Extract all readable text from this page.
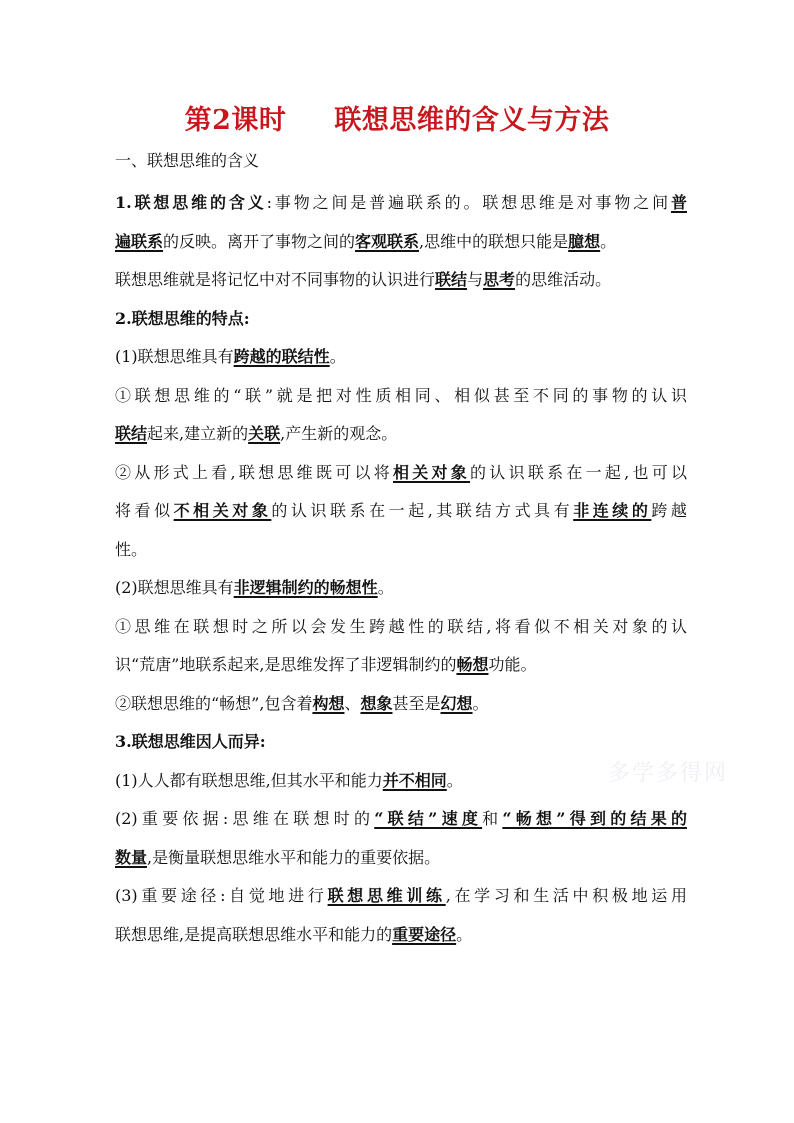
第2课时 联想思维的含义与方法
一、联想思维的含义
1.联想思维的含义:事物之间是普遍联系的。联想思维是对事物之间普
遍联系的反映。离开了事物之间的客观联系,思维中的联想只能是臆想。
联想思维就是将记忆中对不同事物的认识进行联结与思考的思维活动。
2.联想思维的特点:
(1)联想思维具有跨越的联结性。
①联想思维的“联”就是把对性质相同、相似甚至不同的事物的认识
联结起来,建立新的关联,产生新的观念。
②从形式上看,联想思维既可以将相关对象的认识联系在一起,也可以
将看似不相关对象的认识联系在一起,其联结方式具有非连续的跨越
性。
(2)联想思维具有非逻辑制约的畅想性。
①思维在联想时之所以会发生跨越性的联结,将看似不相关对象的认
识“荒唐”地联系起来,是思维发挥了非逻辑制约的畅想功能。
②联想思维的“畅想”,包含着构想、想象甚至是幻想。
3.联想思维因人而异:
(1)人人都有联想思维,但其水平和能力并不相同。
(2)重要依据:思维在联想时的“联结”速度和“畅想”得到的结果的
数量,是衡量联想思维水平和能力的重要依据。
(3)重要途径:自觉地进行联想思维训练,在学习和生活中积极地运用
联想思维,是提高联想思维水平和能力的重要途径。
多学多得网
